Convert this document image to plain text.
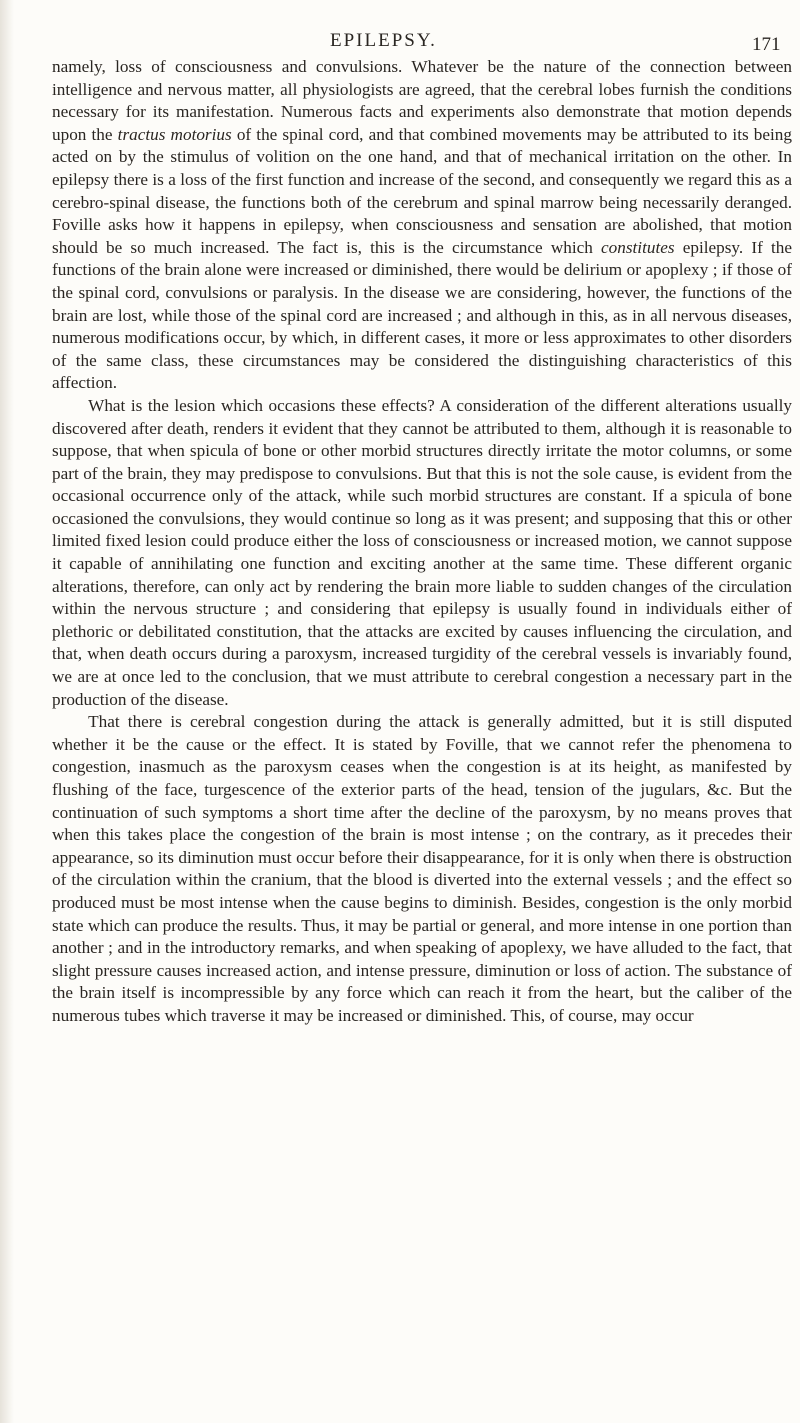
EPILEPSY.	171

namely, loss of consciousness and convulsions. Whatever be the nature of the connection between intelligence and nervous matter, all physiologists are agreed, that the cerebral lobes furnish the conditions necessary for its manifestation. Numerous facts and experiments also demonstrate that motion depends upon the tractus motorius of the spinal cord, and that combined movements may be attributed to its being acted on by the stimulus of volition on the one hand, and that of mechanical irritation on the other. In epilepsy there is a loss of the first function and increase of the second, and consequently we regard this as a cerebro-spinal disease, the functions both of the cerebrum and spinal marrow being necessarily deranged. Foville asks how it happens in epilepsy, when consciousness and sensation are abolished, that motion should be so much increased. The fact is, this is the circumstance which constitutes epilepsy. If the functions of the brain alone were increased or diminished, there would be delirium or apoplexy ; if those of the spinal cord, convulsions or paralysis. In the disease we are considering, however, the functions of the brain are lost, while those of the spinal cord are increased ; and although in this, as in all nervous diseases, numerous modifications occur, by which, in different cases, it more or less approximates to other disorders of the same class, these circumstances may be considered the distinguishing characteristics of this affection.

What is the lesion which occasions these effects? A consideration of the different alterations usually discovered after death, renders it evident that they cannot be attributed to them, although it is reasonable to suppose, that when spicula of bone or other morbid structures directly irritate the motor columns, or some part of the brain, they may predispose to convulsions. But that this is not the sole cause, is evident from the occasional occurrence only of the attack, while such morbid structures are constant. If a spicula of bone occasioned the convulsions, they would continue so long as it was present; and supposing that this or other limited fixed lesion could produce either the loss of consciousness or increased motion, we cannot suppose it capable of annihilating one function and exciting another at the same time. These different organic alterations, therefore, can only act by rendering the brain more liable to sudden changes of the circulation within the nervous structure ; and considering that epilepsy is usually found in individuals either of plethoric or debilitated constitution, that the attacks are excited by causes influencing the circulation, and that, when death occurs during a paroxysm, increased turgidity of the cerebral vessels is invariably found, we are at once led to the conclusion, that we must attribute to cerebral congestion a necessary part in the production of the disease.

That there is cerebral congestion during the attack is generally admitted, but it is still disputed whether it be the cause or the effect. It is stated by Foville, that we cannot refer the phenomena to congestion, inasmuch as the paroxysm ceases when the congestion is at its height, as manifested by flushing of the face, turgescence of the exterior parts of the head, tension of the jugulars, &c. But the continuation of such symptoms a short time after the decline of the paroxysm, by no means proves that when this takes place the congestion of the brain is most intense ; on the contrary, as it precedes their appearance, so its diminution must occur before their disappearance, for it is only when there is obstruction of the circulation within the cranium, that the blood is diverted into the external vessels ; and the effect so produced must be most intense when the cause begins to diminish. Besides, congestion is the only morbid state which can produce the results. Thus, it may be partial or general, and more intense in one portion than another ; and in the introductory remarks, and when speaking of apoplexy, we have alluded to the fact, that slight pressure causes increased action, and intense pressure, diminution or loss of action. The substance of the brain itself is incompressible by any force which can reach it from the heart, but the caliber of the numerous tubes which traverse it may be increased or diminished. This, of course, may occur
